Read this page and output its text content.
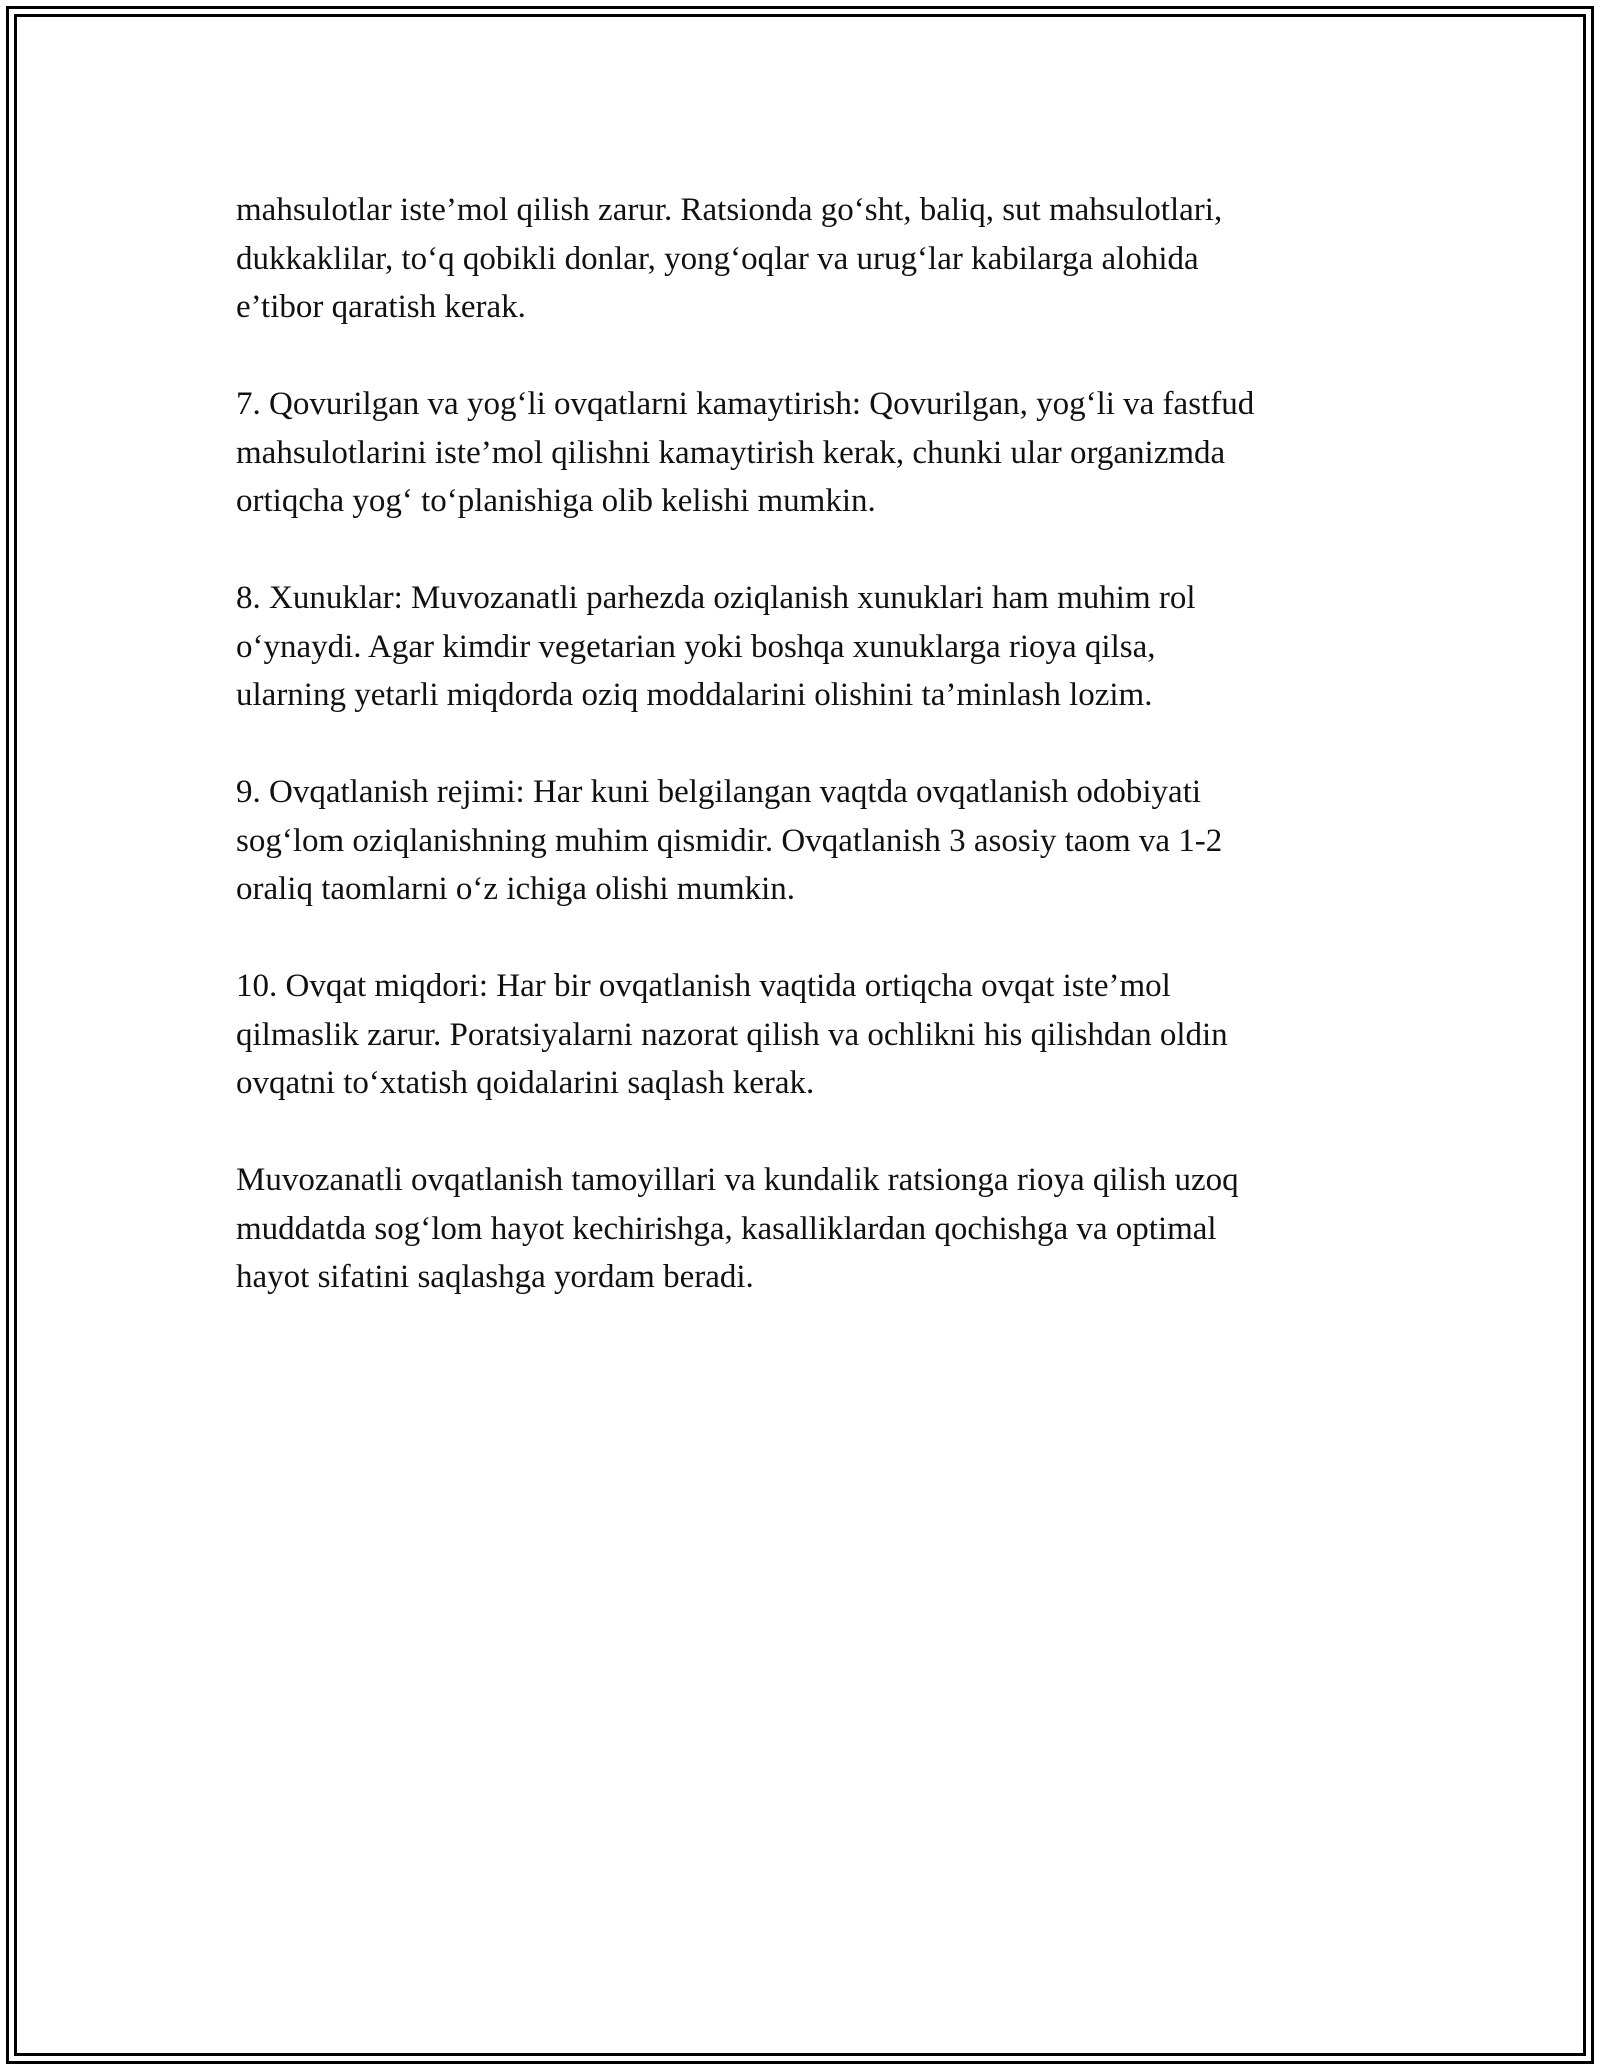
mahsulotlar iste’mol qilish zarur. Ratsionda go‘sht, baliq, sut mahsulotlari,
dukkaklilar, to‘q qobikli donlar, yong‘oqlar va urug‘lar kabilarga alohida
e’tibor qaratish kerak.

7. Qovurilgan va yog‘li ovqatlarni kamaytirish: Qovurilgan, yog‘li va fastfud
mahsulotlarini iste’mol qilishni kamaytirish kerak, chunki ular organizmda
ortiqcha yog‘ to‘planishiga olib kelishi mumkin.

8. Xunuklar: Muvozanatli parhezda oziqlanish xunuklari ham muhim rol
o‘ynaydi. Agar kimdir vegetarian yoki boshqa xunuklarga rioya qilsa,
ularning yetarli miqdorda oziq moddalarini olishini ta’minlash lozim.

9. Ovqatlanish rejimi: Har kuni belgilangan vaqtda ovqatlanish odobiyati
sog‘lom oziqlanishning muhim qismidir. Ovqatlanish 3 asosiy taom va 1-2
oraliq taomlarni o‘z ichiga olishi mumkin.

10. Ovqat miqdori: Har bir ovqatlanish vaqtida ortiqcha ovqat iste’mol
qilmaslik zarur. Poratsiyalarni nazorat qilish va ochlikni his qilishdan oldin
ovqatni to‘xtatish qoidalarini saqlash kerak.

Muvozanatli ovqatlanish tamoyillari va kundalik ratsionga rioya qilish uzoq
muddatda sog‘lom hayot kechirishga, kasalliklardan qochishga va optimal
hayot sifatini saqlashga yordam beradi.
